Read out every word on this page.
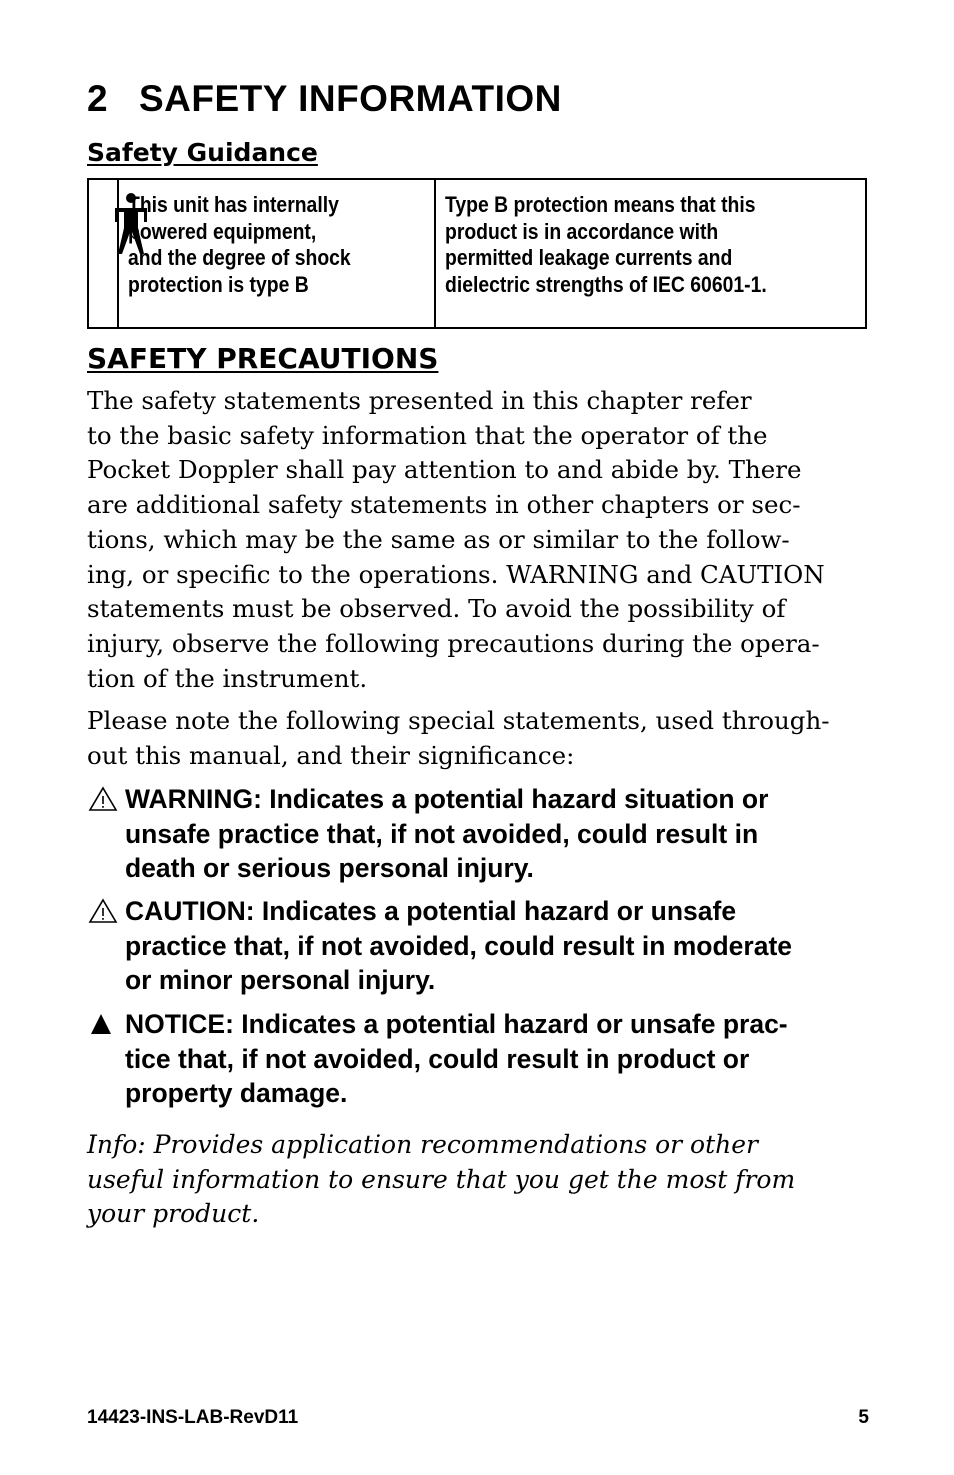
2 SAFETY INFORMATION
Safety Guidance
This unit has internally
powered equipment,
and the degree of shock
protection is type B
Type B protection means that this
product is in accordance with
permitted leakage currents and
dielectric strengths of IEC 60601-1.
SAFETY PRECAUTIONS

The safety statements presented in this chapter refer
to the basic safety information that the operator of the
Pocket Doppler shall pay attention to and abide by. There
are additional safety statements in other chapters or sec-
tions, which may be the same as or similar to the follow-
ing, or specific to the operations. WARNING and CAUTION
statements must be observed. To avoid the possibility of
injury, observe the following precautions during the opera-
tion of the instrument.

Please note the following special statements, used through-
out this manual, and their significance:

WARNING: Indicates a potential hazard situation or
unsafe practice that, if not avoided, could result in
death or serious personal injury.
CAUTION: Indicates a potential hazard or unsafe
practice that, if not avoided, could result in moderate
or minor personal injury.
NOTICE: Indicates a potential hazard or unsafe prac-
tice that, if not avoided, could result in product or
property damage.

Info: Provides application recommendations or other
useful information to ensure that you get the most from
your product.

14423-INS-LAB-RevD11	5
